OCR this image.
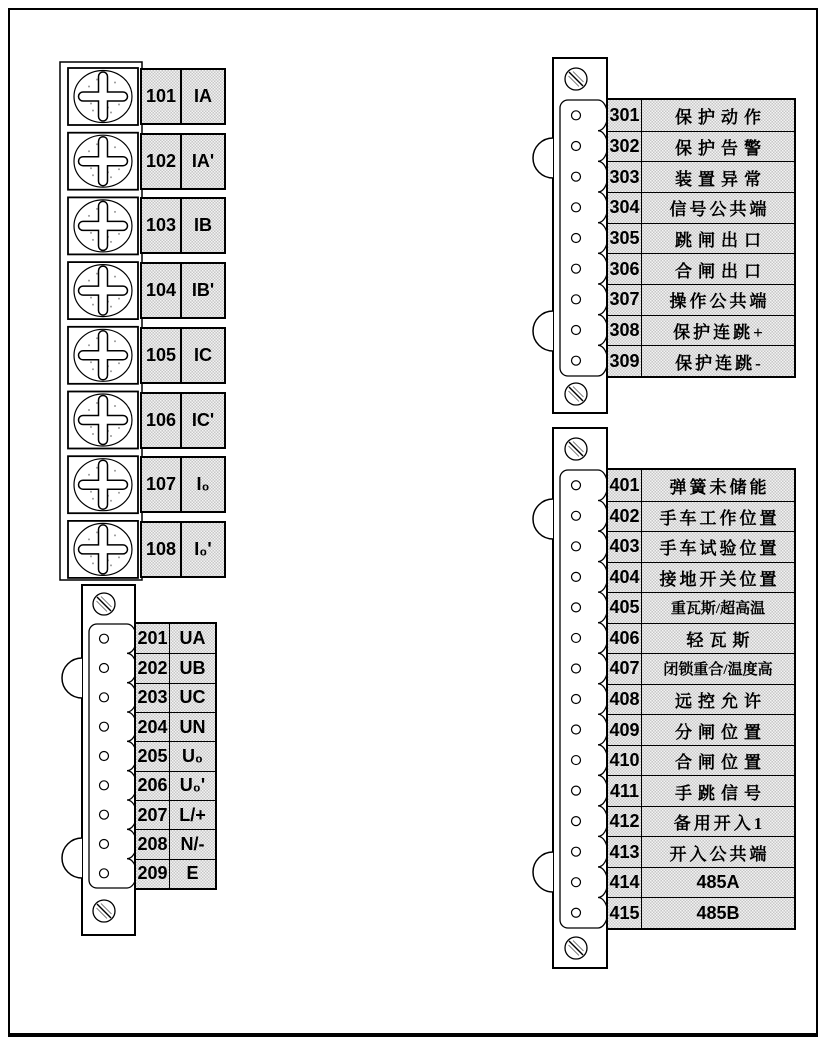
101 IA
102 IA'
103 IB
104 IB'
105 IC
106 IC'
107	I₀
108	I₀'
201 UA
202 UB
203 UC
204 UN
205 U₀
206 U₀'
207 L/+
208 N/-
209	E
301	保护动作
302	保护告警
303	装置异常
304	信号公共端
305	跳闸出口
306	合闸出口
307	操作公共端
308	保护连跳+
309	保护连跳-
401	弹簧未储能
402	手车工作位置
403	手车试验位置
404	接地开关位置
405	重瓦斯/超高温
406	轻瓦斯
407	闭锁重合/温度高
408	远控允许
409	分闸位置
410	合闸位置
411	手跳信号
412	备用开入1
413	开入公共端
414	485A
415	485B
